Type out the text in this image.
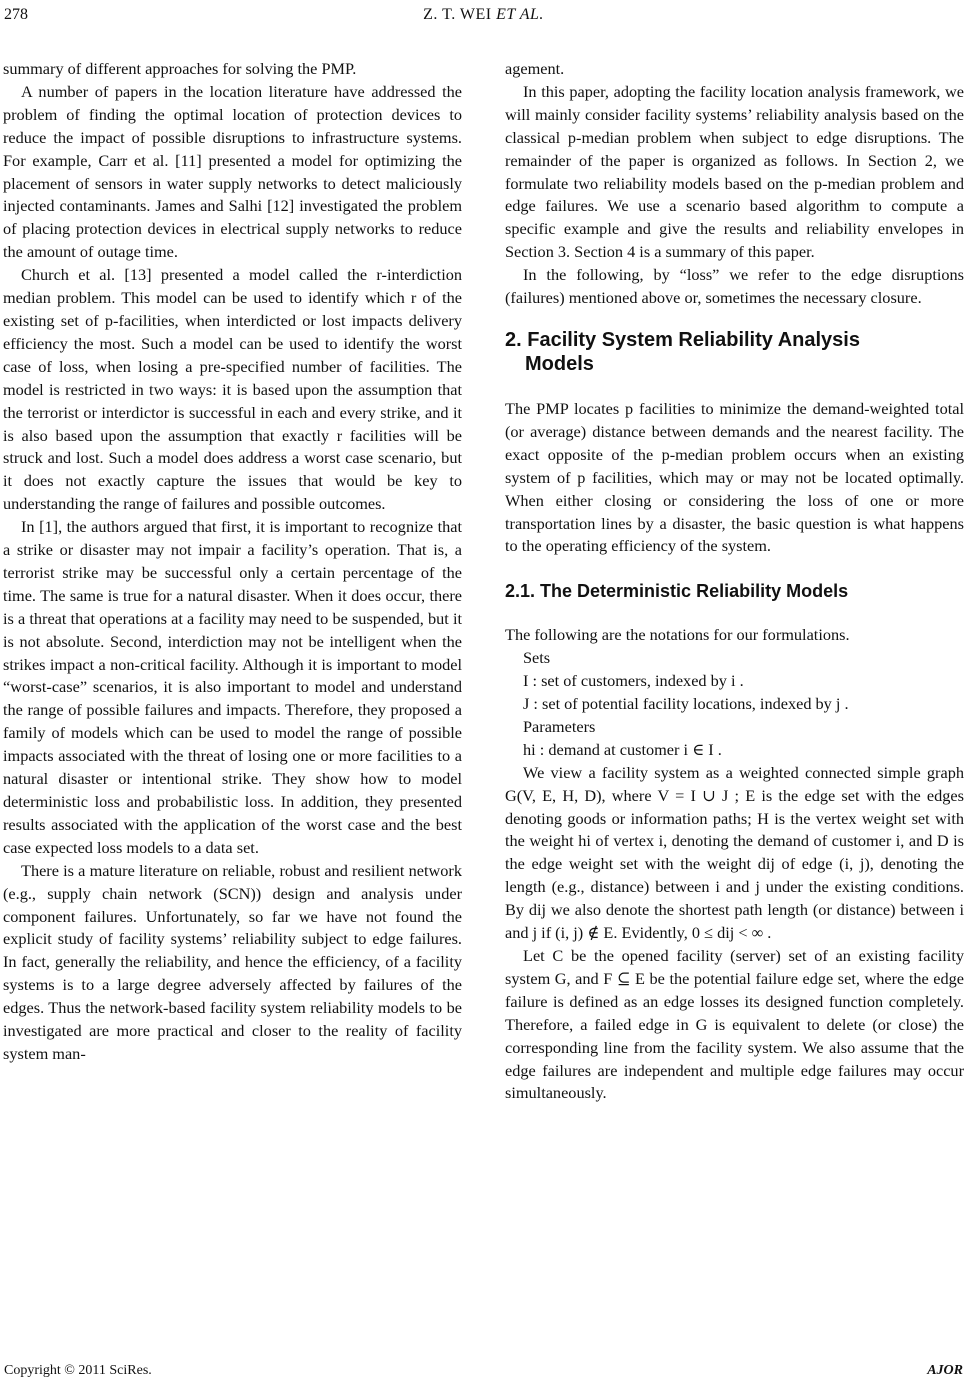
278	Z. T. WEI ET AL.

summary of different approaches for solving the PMP.

A number of papers in the location literature have addressed the problem of finding the optimal location of protection devices to reduce the impact of possible disruptions to infrastructure systems. For example, Carr et al. [11] presented a model for optimizing the placement of sensors in water supply networks to detect maliciously injected contaminants. James and Salhi [12] investigated the problem of placing protection devices in electrical supply networks to reduce the amount of outage time.

Church et al. [13] presented a model called the r-interdiction median problem. This model can be used to identify which r of the existing set of p-facilities, when interdicted or lost impacts delivery efficiency the most. Such a model can be used to identify the worst case of loss, when losing a pre-specified number of facilities. The model is restricted in two ways: it is based upon the assumption that the terrorist or interdictor is successful in each and every strike, and it is also based upon the assumption that exactly r facilities will be struck and lost. Such a model does address a worst case scenario, but it does not exactly capture the issues that would be key to understanding the range of failures and possible outcomes.

In [1], the authors argued that first, it is important to recognize that a strike or disaster may not impair a facility’s operation. That is, a terrorist strike may be successful only a certain percentage of the time. The same is true for a natural disaster. When it does occur, there is a threat that operations at a facility may need to be suspended, but it is not absolute. Second, interdiction may not be intelligent when the strikes impact a non-critical facility. Although it is important to model “worst-case” scenarios, it is also important to model and understand the range of possible failures and impacts. Therefore, they proposed a family of models which can be used to model the range of possible impacts associated with the threat of losing one or more facilities to a natural disaster or intentional strike. They show how to model deterministic loss and probabilistic loss. In addition, they presented results associated with the application of the worst case and the best case expected loss models to a data set.

There is a mature literature on reliable, robust and resilient network (e.g., supply chain network (SCN)) design and analysis under component failures. Unfortunately, so far we have not found the explicit study of facility systems’ reliability subject to edge failures. In fact, generally the reliability, and hence the efficiency, of a facility systems is to a large degree adversely affected by failures of the edges. Thus the network-based facility system reliability models to be investigated are more practical and closer to the reality of facility system man-

agement.

In this paper, adopting the facility location analysis framework, we will mainly consider facility systems’ reliability analysis based on the classical p-median problem when subject to edge disruptions. The remainder of the paper is organized as follows. In Section 2, we formulate two reliability models based on the p-median problem and edge failures. We use a scenario based algorithm to compute a specific example and give the results and reliability envelopes in Section 3. Section 4 is a summary of this paper.

In the following, by “loss” we refer to the edge disruptions (failures) mentioned above or, sometimes the necessary closure.

2. Facility System Reliability Analysis
Models

The PMP locates p facilities to minimize the demand-weighted total (or average) distance between demands and the nearest facility. The exact opposite of the p-median problem occurs when an existing system of p facilities, which may or may not be located optimally. When either closing or considering the loss of one or more transportation lines by a disaster, the basic question is what happens to the operating efficiency of the system.

2.1. The Deterministic Reliability Models

The following are the notations for our formulations.

Sets

I : set of customers, indexed by i .

J : set of potential facility locations, indexed by j .

Parameters

hi : demand at customer i ∈ I .

We view a facility system as a weighted connected simple graph G(V, E, H, D), where V = I ∪ J ; E is the edge set with the edges denoting goods or information paths; H is the vertex weight set with the weight hi of vertex i, denoting the demand of customer i, and D is the edge weight set with the weight dij of edge (i, j), denoting the length (e.g., distance) between i and j under the existing conditions. By dij we also denote the shortest path length (or distance) between i and j if (i, j) ∉ E. Evidently, 0 ≤ dij < ∞ .

Let C be the opened facility (server) set of an existing facility system G, and F ⊆ E be the potential failure edge set, where the edge failure is defined as an edge losses its designed function completely. Therefore, a failed edge in G is equivalent to delete (or close) the corresponding line from the facility system. We also assume that the edge failures are independent and multiple edge failures may occur simultaneously.

Copyright © 2011 SciRes.	AJOR
